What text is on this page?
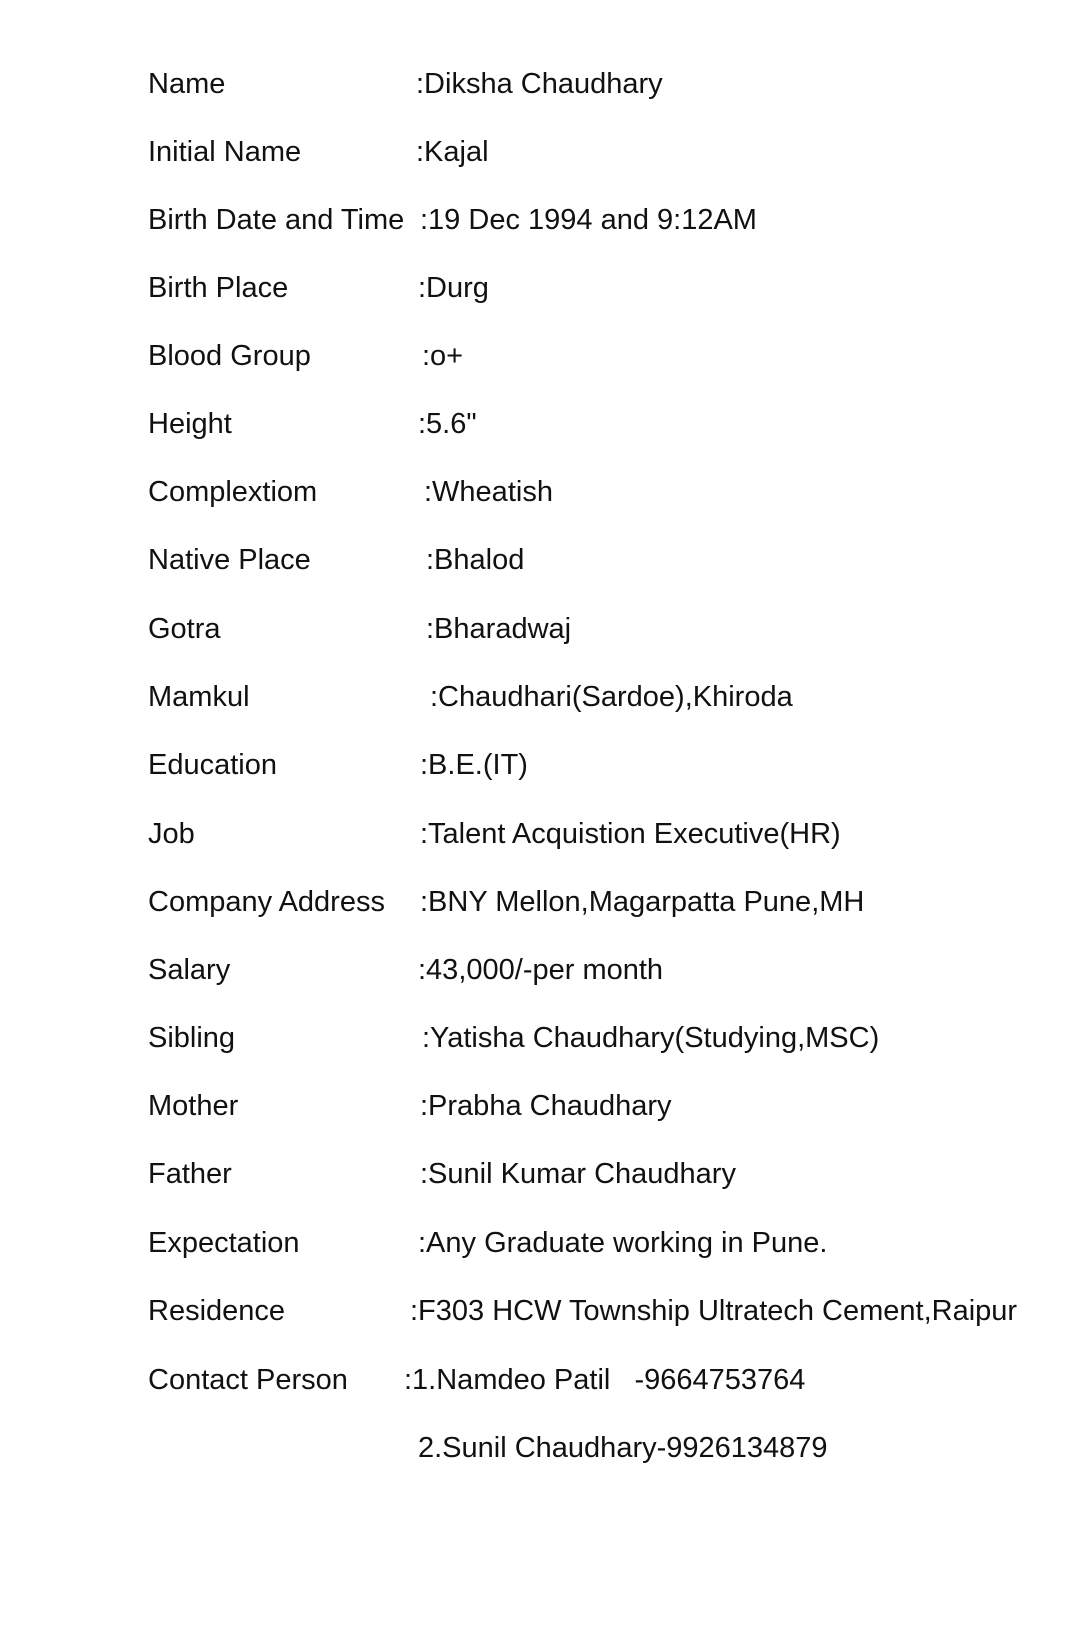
Name	:Diksha Chaudhary
Initial Name	:Kajal
Birth Date and Time :19 Dec 1994 and 9:12AM
Birth Place	:Durg
Blood Group	:o+
Height	:5.6"
Complextiom	:Wheatish
Native Place	:Bhalod
Gotra	:Bharadwaj
Mamkul	:Chaudhari(Sardoe),Khiroda
Education	:B.E.(IT)
Job	:Talent Acquistion Executive(HR)
Company Address :BNY Mellon,Magarpatta Pune,MH
Salary	:43,000/-per month
Sibling	:Yatisha Chaudhary(Studying,MSC)
Mother	:Prabha Chaudhary
Father	:Sunil Kumar Chaudhary
Expectation	:Any Graduate working in Pune.
Residence	:F303 HCW Township Ultratech Cement,Raipur
Contact Person :1.Namdeo Patil   -9664753764
2.Sunil Chaudhary-9926134879
